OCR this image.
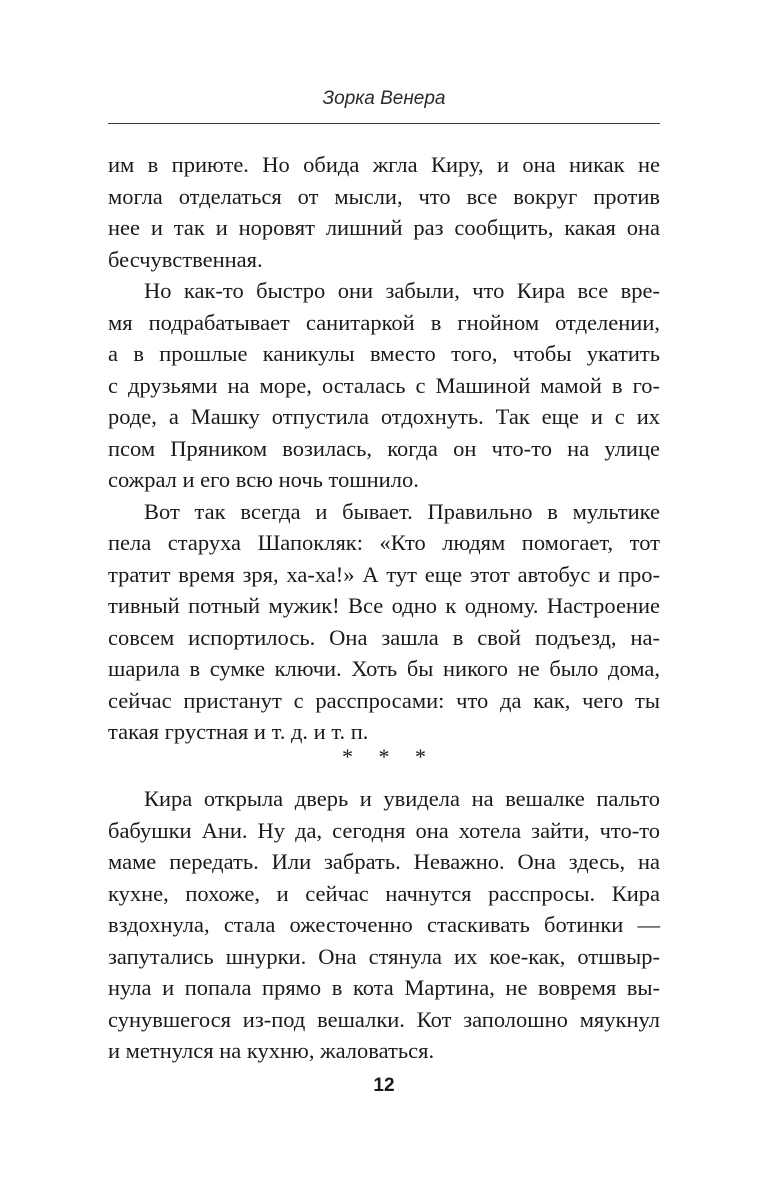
Зорка Венера
им в приюте. Но обида жгла Киру, и она никак не
могла отделаться от мысли, что все вокруг против
нее и так и норовят лишний раз сообщить, какая она
бесчувственная.
Но как-то быстро они забыли, что Кира все вре-
мя подрабатывает санитаркой в гнойном отделении,
а в прошлые каникулы вместо того, чтобы укатить
с друзьями на море, осталась с Машиной мамой в го-
роде, а Машку отпустила отдохнуть. Так еще и с их
псом Пряником возилась, когда он что-то на улице
сожрал и его всю ночь тошнило.
Вот так всегда и бывает. Правильно в мультике
пела старуха Шапокляк: «Кто людям помогает, тот
тратит время зря, ха-ха!» А тут еще этот автобус и про-
тивный потный мужик! Все одно к одному. Настроение
совсем испортилось. Она зашла в свой подъезд, на-
шарила в сумке ключи. Хоть бы никого не было дома,
сейчас пристанут с расспросами: что да как, чего ты
такая грустная и т. д. и т. п.
* * *
Кира открыла дверь и увидела на вешалке пальто
бабушки Ани. Ну да, сегодня она хотела зайти, что-то
маме передать. Или забрать. Неважно. Она здесь, на
кухне, похоже, и сейчас начнутся расспросы. Кира
вздохнула, стала ожесточенно стаскивать ботинки —
запутались шнурки. Она стянула их кое-как, отшвыр-
нула и попала прямо в кота Мартина, не вовремя вы-
сунувшегося из-под вешалки. Кот заполошно мяукнул
и метнулся на кухню, жаловаться.
12
